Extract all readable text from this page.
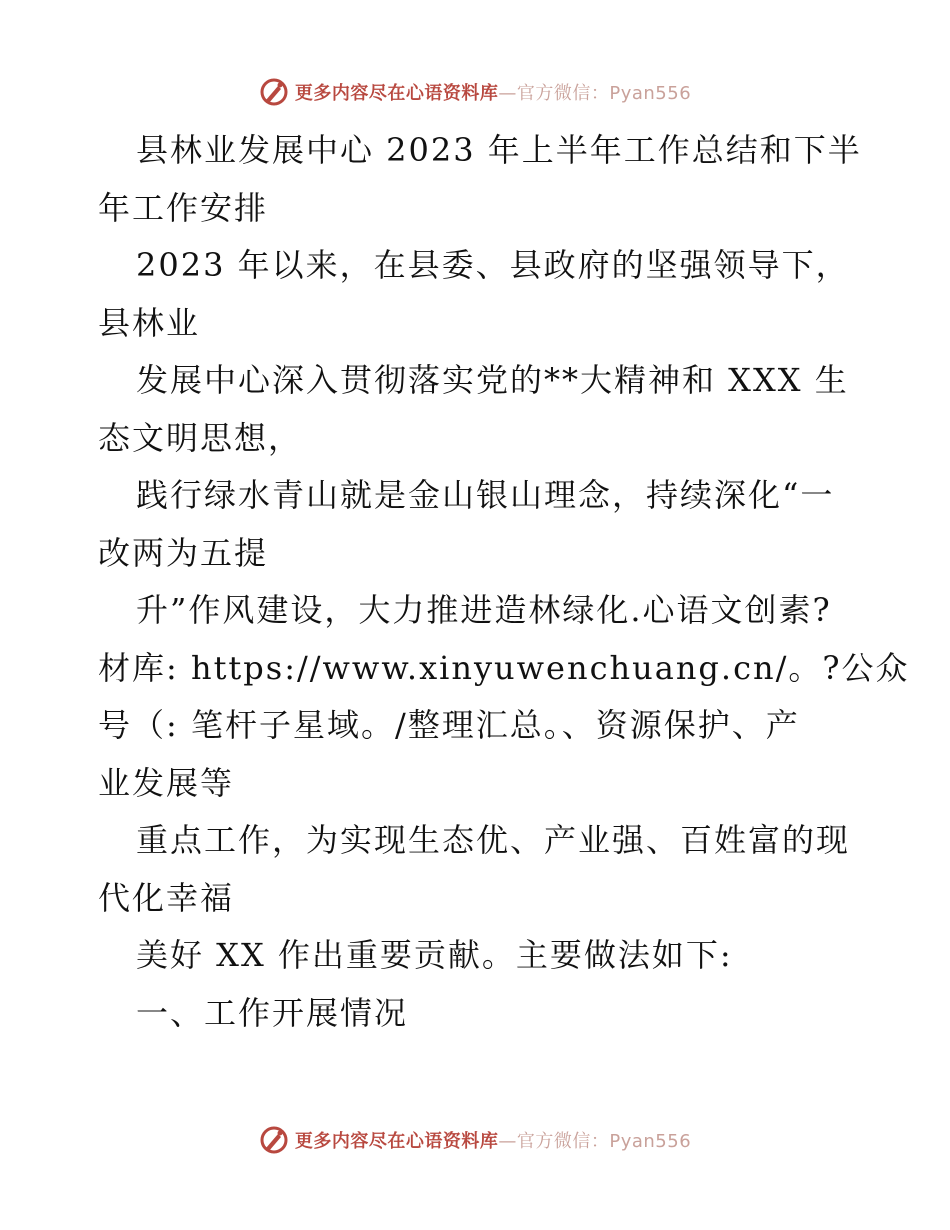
更多内容尽在心语资料库—官方微信：Pyan556
县林业发展中心 2023 年上半年工作总结和下半
年工作安排
2023 年以来，在县委、县政府的坚强领导下，
县林业
发展中心深入贯彻落实党的**大精神和 XXX 生
态文明思想，
践行绿水青山就是金山银山理念，持续深化“一
改两为五提
升”作风建设，大力推进造林绿化.心语文创素?
材库: https://www.xinyuwenchuang.cn/。?公众
号（: 笔杆子星域。/整理汇总。、资源保护、产
业发展等
重点工作，为实现生态优、产业强、百姓富的现
代化幸福
美好 XX 作出重要贡献。主要做法如下:
一、工作开展情况
更多内容尽在心语资料库—官方微信：Pyan556
